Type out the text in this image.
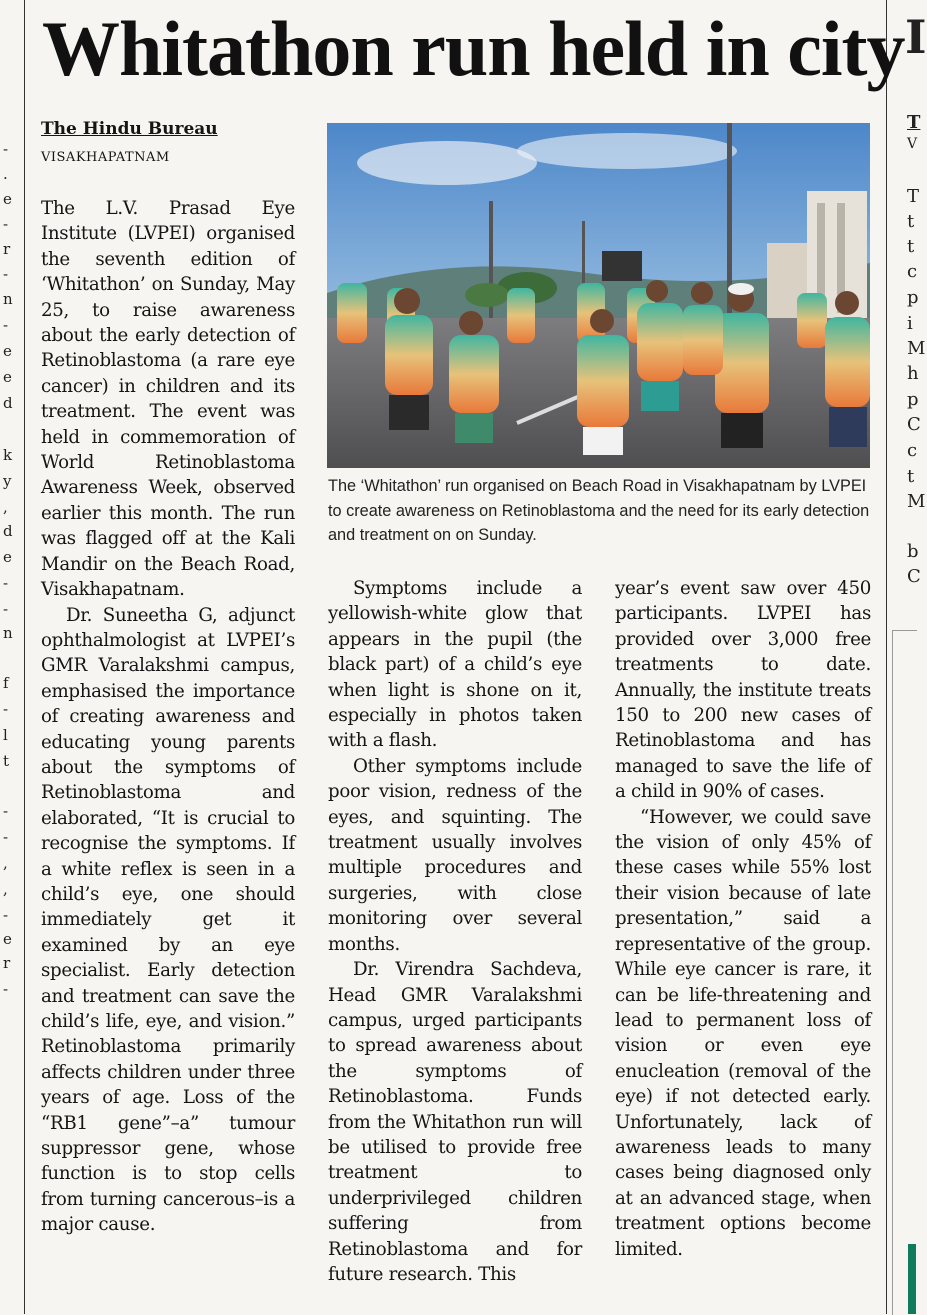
-
.
e
-
r
-
n
-
e
e
d
k
y
,
d
e
-
-
n
f
-
l
t
-
-
,
,
-
e
r
-
I
T
V
T
t
t
c
p
i
M
h
p
C
c
t
M
b
C
Whitathon run held in city
The Hindu Bureau
VISAKHAPATNAM
The ‘Whitathon’ run organised on Beach Road in Visakhapatnam by LVPEI to create awareness on Retinoblastoma and the need for its early detection and treatment on on Sunday.

The L.V. Prasad Eye Institute (LVPEI) organised the seventh edition of ‘Whitathon’ on Sunday, May 25, to raise awareness about the early detection of Retinoblastoma (a rare eye cancer) in children and its treatment. The event was held in commemoration of World Retinoblastoma Awareness Week, observed earlier this month. The run was flagged off at the Kali Mandir on the Beach Road, Visakhapatnam.

Dr. Suneetha G, adjunct ophthalmologist at LVPEI’s GMR Varalakshmi campus, emphasised the importance of creating awareness and educating young parents about the symptoms of Retinoblastoma and elaborated, “It is crucial to recognise the symptoms. If a white reflex is seen in a child’s eye, one should immediately get it examined by an eye specialist. Early detection and treatment can save the child’s life, eye, and vision.” Retinoblastoma primarily affects children under three years of age. Loss of the “RB1 gene”–a” tumour suppressor gene, whose function is to stop cells from turning cancerous–is a major cause.

Symptoms include a yellowish-white glow that appears in the pupil (the black part) of a child’s eye when light is shone on it, especially in photos taken with a flash.

Other symptoms include poor vision, redness of the eyes, and squinting. The treatment usually involves multiple procedures and surgeries, with close monitoring over several months.

Dr. Virendra Sachdeva, Head GMR Varalakshmi campus, urged participants to spread awareness about the symptoms of Retinoblastoma. Funds from the Whitathon run will be utilised to provide free treatment to underprivileged children suffering from Retinoblastoma and for future research. This

year’s event saw over 450 participants. LVPEI has provided over 3,000 free treatments to date. Annually, the institute treats 150 to 200 new cases of Retinoblastoma and has managed to save the life of a child in 90% of cases.

“However, we could save the vision of only 45% of these cases while 55% lost their vision because of late presentation,” said a representative of the group. While eye cancer is rare, it can be life-threatening and lead to permanent loss of vision or even eye enucleation (removal of the eye) if not detected early. Unfortunately, lack of awareness leads to many cases being diagnosed only at an advanced stage, when treatment options become limited.
